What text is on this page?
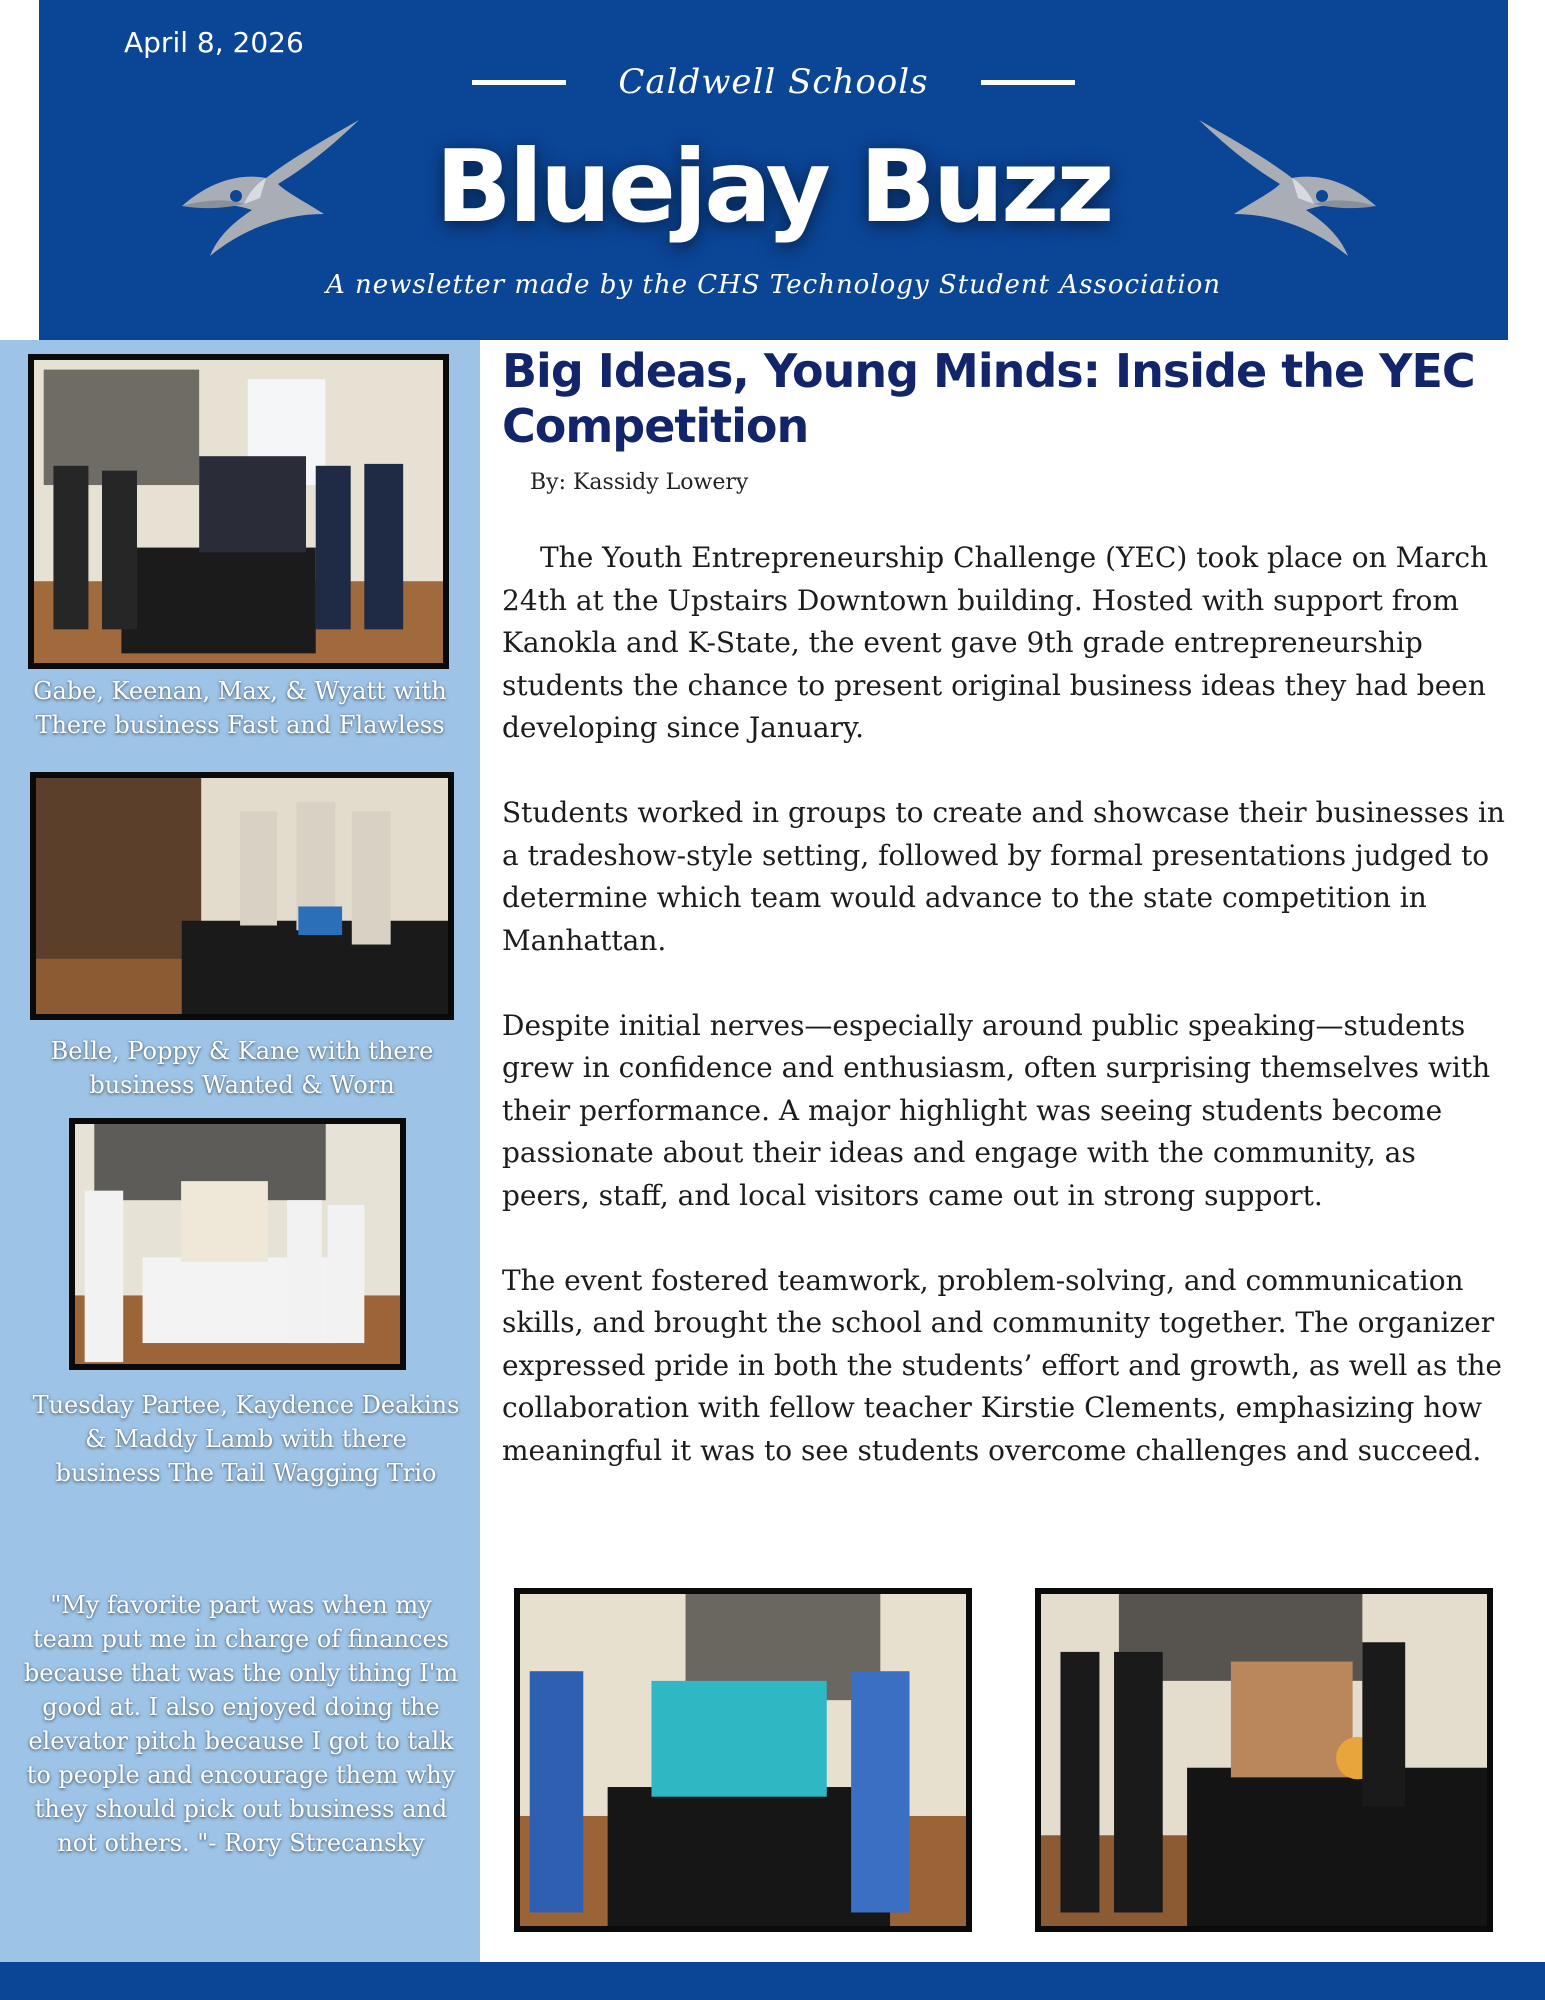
April 8, 2026
Caldwell Schools
Bluejay Buzz
A newsletter made by the CHS Technology Student Association
Gabe, Keenan, Max, & Wyatt with There business Fast and Flawless
Belle, Poppy & Kane with there business Wanted & Worn
Tuesday Partee, Kaydence Deakins & Maddy Lamb with there business The Tail Wagging Trio
"My favorite part was when my team put me in charge of finances because that was the only thing I'm good at. I also enjoyed doing the elevator pitch because I got to talk to people and encourage them why they should pick out business and not others. "- Rory Strecansky
Big Ideas, Young Minds: Inside the YEC Competition
By: Kassidy Lowery

The Youth Entrepreneurship Challenge (YEC) took place on March 24th at the Upstairs Downtown building. Hosted with support from Kanokla and K-State, the event gave 9th grade entrepreneurship students the chance to present original business ideas they had been developing since January.

Students worked in groups to create and showcase their businesses in a tradeshow-style setting, followed by formal presentations judged to determine which team would advance to the state competition in Manhattan.

Despite initial nerves—especially around public speaking—students grew in confidence and enthusiasm, often surprising themselves with their performance. A major highlight was seeing students become passionate about their ideas and engage with the community, as peers, staff, and local visitors came out in strong support.

The event fostered teamwork, problem-solving, and communication skills, and brought the school and community together. The organizer expressed pride in both the students’ effort and growth, as well as the collaboration with fellow teacher Kirstie Clements, emphasizing how meaningful it was to see students overcome challenges and succeed.
